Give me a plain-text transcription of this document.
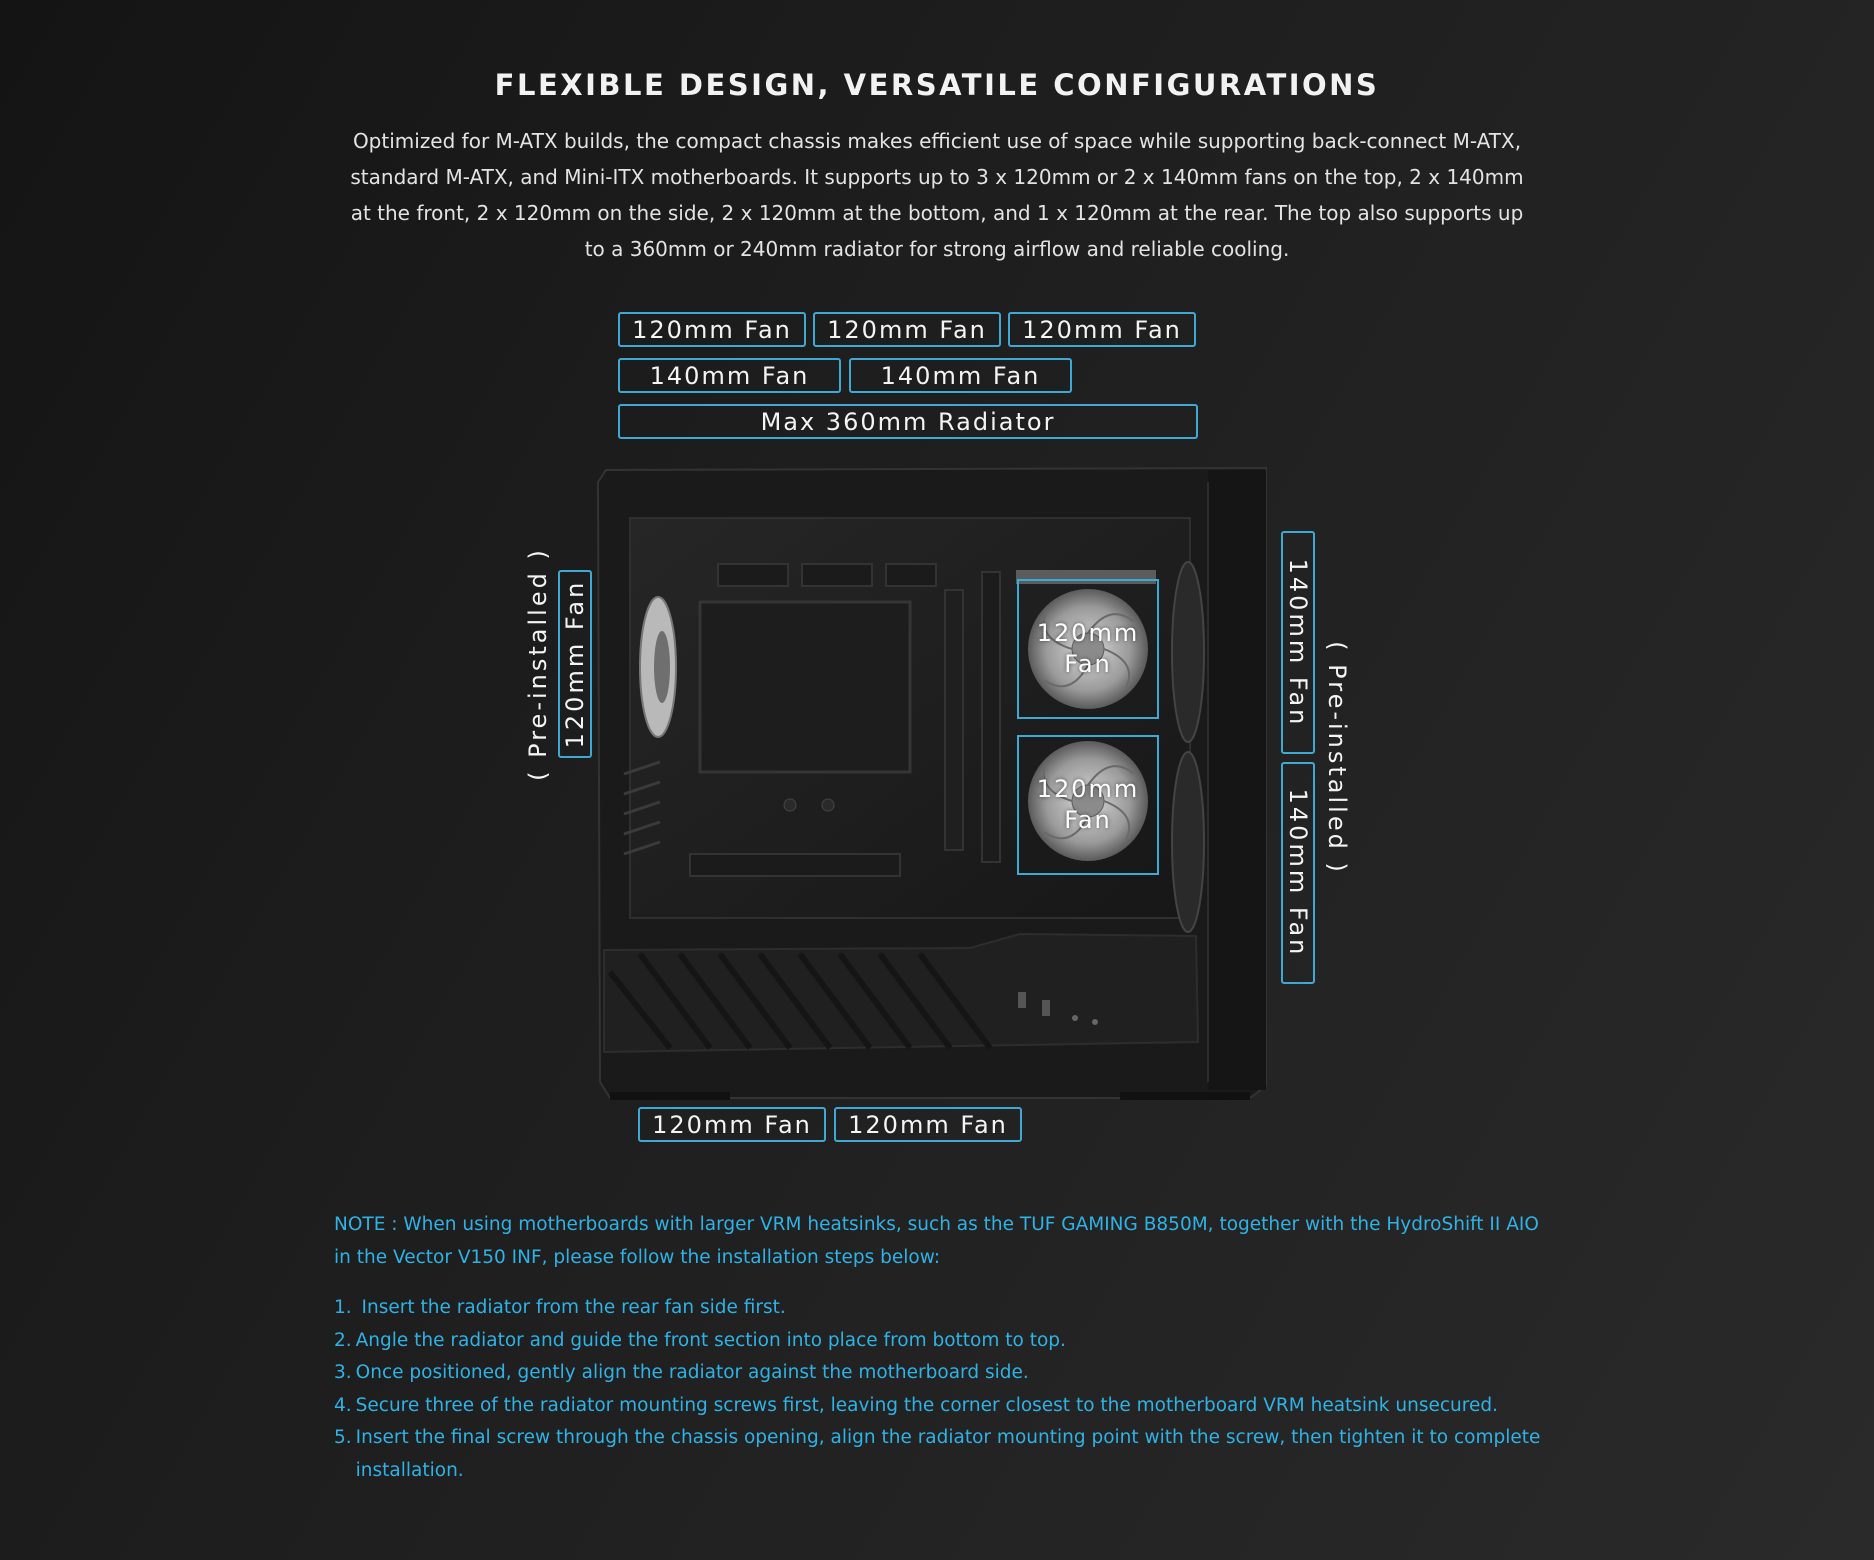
FLEXIBLE DESIGN, VERSATILE CONFIGURATIONS
Optimized for M-ATX builds, the compact chassis makes efficient use of space while supporting back-connect M-ATX, standard M-ATX, and Mini-ITX motherboards. It supports up to 3 x 120mm or 2 x 140mm fans on the top, 2 x 140mm at the front, 2 x 120mm on the side, 2 x 120mm at the bottom, and 1 x 120mm at the rear. The top also supports up to a 360mm or 240mm radiator for strong airflow and reliable cooling.
120mm Fan	120mm Fan	120mm Fan
140mm Fan	140mm Fan
Max 360mm Radiator
120mm Fan
( Pre-installed )	120mm
Fan
120mm
Fan
140mm Fan
140mm Fan ( Pre-installed )
120mm Fan	120mm Fan
NOTE : When using motherboards with larger VRM heatsinks, such as the TUF GAMING B850M, together with the HydroShift II AIO in the Vector V150 INF, please follow the installation steps below:
1. Insert the radiator from the rear fan side first.
2. Angle the radiator and guide the front section into place from bottom to top.
3. Once positioned, gently align the radiator against the motherboard side.
4. Secure three of the radiator mounting screws first, leaving the corner closest to the motherboard VRM heatsink unsecured.
5. Insert the final screw through the chassis opening, align the radiator mounting point with the screw, then tighten it to complete installation.
